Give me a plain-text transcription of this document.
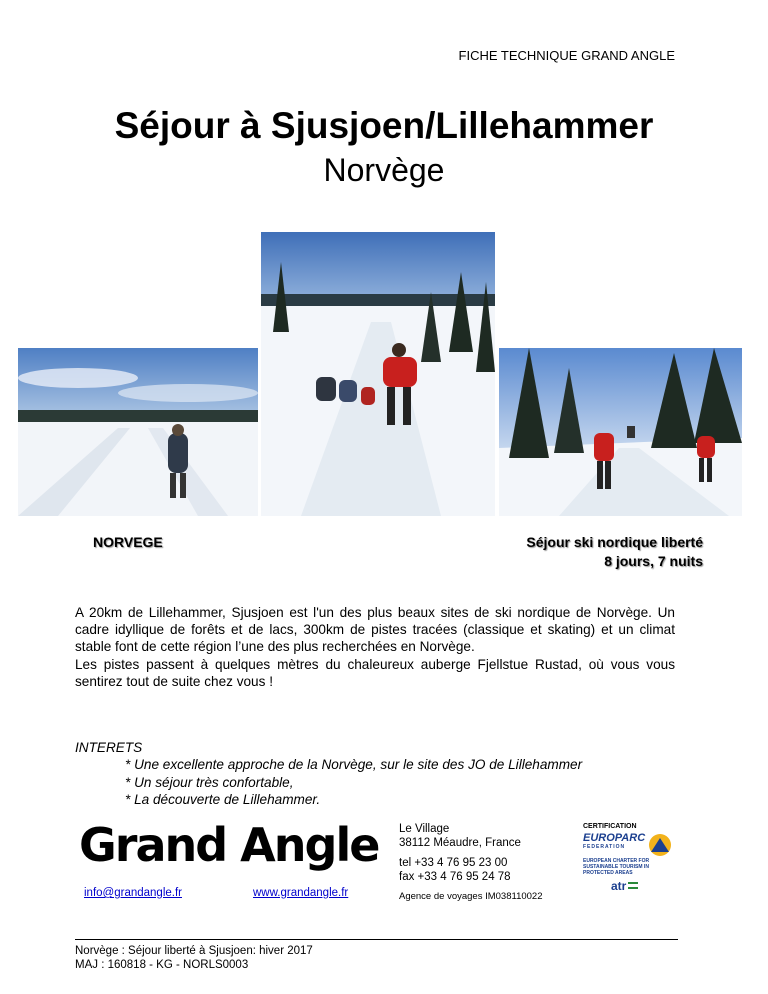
FICHE TECHNIQUE GRAND ANGLE
Séjour à Sjusjoen/Lillehammer
Norvège
NORVEGE	Séjour ski nordique liberté
8 jours, 7 nuits

A 20km de Lillehammer, Sjusjoen est l'un des plus beaux sites de ski nordique de Norvège. Un cadre idyllique de forêts et de lacs, 300km de pistes tracées (classique et skating) et un climat stable font de cette région l’une des plus recherchées en Norvège.

Les pistes passent à quelques mètres du chaleureux auberge Fjellstue Rustad, où vous vous sentirez tout de suite chez vous !

INTERETS
* Une excellente approche de la Norvège, sur le site des JO de Lillehammer
* Un séjour très confortable,
* La découverte de Lillehammer.
Grand Angle Le Village
38112 Méaudre, France
tel +33 4 76 95 23 00
fax +33 4 76 95 24 78
Agence de voyages IM038110022
info@grandangle.fr	www.grandangle.fr
CERTIFICATION
EUROPARC
FEDERATION
EUROPEAN CHARTER FOR SUSTAINABLE TOURISM IN PROTECTED AREAS
atr
Norvège : Séjour liberté à Sjusjoen: hiver 2017
MAJ : 160818 - KG - NORLS0003
